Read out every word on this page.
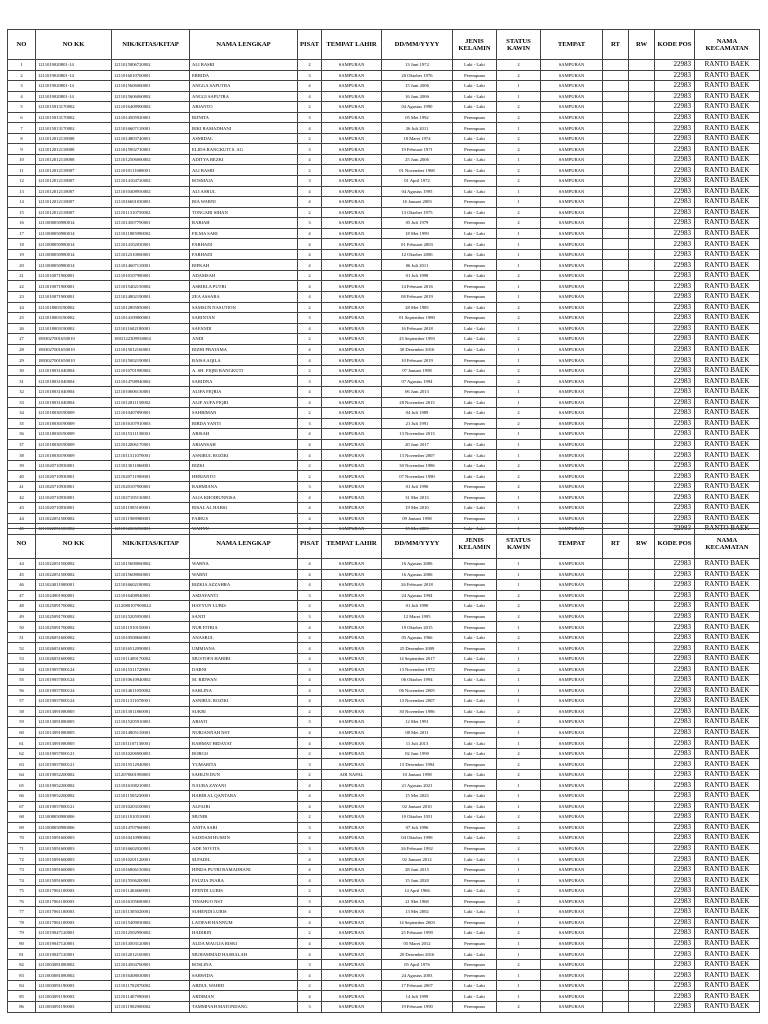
NO	NO KK	NIK/KITAS/KITAP	NAMA LENGKAP	PISAT	TEMPAT LAHIR	DD/MM/YYYY	JENIS KELAMIN	STATUS KAWIN	TEMPAT	RT	RW	KODE POS	NAMA KECAMATAN
1	1211019020801‑14	1211015806720002	ALI BASRI	2	SAMPURAN	13 Juni 1972	Laki - Laki	2	SAMPURAN			22983	RANTO BAEK
2	1211019020801‑14	1211016010760001	ERRIDA	3	SAMPURAN	20 Oktober 1976	Perempuan	2	SAMPURAN			22983	RANTO BAEK
3	1211019020801‑14	1211015606060001	ANGGA SAPUTRA	4	SAMPURAN	15 Juni 2006	Laki - Laki	1	SAMPURAN			22983	RANTO BAEK
4	1211019020801‑14	1211015606060002	ANGGI SAPUTRA	4	SAMPURAN	16 Juni 2006	Laki - Laki	1	SAMPURAN			22983	RANTO BAEK
5	1211015013170002	1211016408900002	ARIANTO	2	SAMPURAN	04 Agustus 1990	Laki - Laki	2	SAMPURAN			22983	RANTO BAEK
6	1211015013170002	1211014505920001	RIJNITA	3	SAMPURAN	05 Mei 1992	Perempuan	2	SAMPURAN			22983	RANTO BAEK
7	1211015013170002	1211016607110001	RIKI RAMADHANI	4	SAMPURAN	26 Juli 2011	Perempuan	1	SAMPURAN			22983	RANTO BAEK
8	1211012012118008	1211014803740001	ASMIDAL	2	SAMPURAN	18 Maret 1974	Laki - Laki	2	SAMPURAN			22983	RANTO BAEK
9	1211012012118008	1211015902710001	ELIDA RANGKUTI S. AG	3	SAMPURAN	19 Februari 1971	Perempuan	2	SAMPURAN			22983	RANTO BAEK
10	1211012012118008	1211012506060002	ADITYA REZKI	4	SAMPURAN	25 Juni 2006	Laki - Laki	1	SAMPURAN			22983	RANTO BAEK
11	1211012012118007	1211010111680001	ALI BASRI	2	SAMPURAN	01 November 1968	Laki - Laki	2	SAMPURAN			22983	RANTO BAEK
12	1211012012118007	1211014104720002	ROSMAIA	3	SAMPURAN	01 April 1972	Perempuan	2	SAMPURAN			22983	RANTO BAEK
13	1211012012118007	1211010408950002	ALI ASRUL	4	SAMPURAN	04 Agustus 1995	Laki - Laki	1	SAMPURAN			22983	RANTO BAEK
14	1211012012118007	1211016601030001	RIA WARNI	4	SAMPURAN	16 Januari 2003	Perempuan	1	SAMPURAN			22983	RANTO BAEK
15	1211012012118007	1211011310750002	TONGARI SIHAN	2	SAMPURAN	13 Oktober 1975	Laki - Laki	2	SAMPURAN			22983	RANTO BAEK
16	1211008050980014	1211014507790001	RABIAH	3	SAMPURAN	05 Juli 1979	Perempuan	2	SAMPURAN			22983	RANTO BAEK
17	1211008050980014	1211011805990002	FILMA SARI	4	SAMPURAN	18 Mei 1999	Laki - Laki	1	SAMPURAN			22983	RANTO BAEK
18	1211008050980014	1211014102030001	FARHADI	4	SAMPURAN	01 Februari 2003	Laki - Laki	1	SAMPURAN			22983	RANTO BAEK
19	1211008050980014	1211012310060001	FARHADI	4	SAMPURAN	12 Oktober 2006	Laki - Laki	1	SAMPURAN			22983	RANTO BAEK
20	1211008050980014	1211014607110001	RIFKAH	4	SAMPURAN	06 Juli 2011	Perempuan	1	SAMPURAN			22983	RANTO BAEK
21	1211010071900001	1211010107980001	ADAMSAH	2	SAMPURAN	01 Juli 1998	Laki - Laki	2	SAMPURAN			22983	RANTO BAEK
22	1211010071900001	1211015402150002	ASRIKLA PUTRI	4	SAMPURAN	14 Februari 2016	Perempuan	1	SAMPURAN			22983	RANTO BAEK
23	1211010071900001	1211014802190001	ZEA ASSARA	4	SAMPURAN	08 Februari 2019	Perempuan	1	SAMPURAN			22983	RANTO BAEK
24	1211018003190002	1211012805850001	SAMSUN NASUTION	2	SAMPURAN	28 Mei 1985	Laki - Laki	2	SAMPURAN			22983	RANTO BAEK
25	1211018003190002	1211014109800001	SARINTAN	3	SAMPURAN	01 September 1980	Perempuan	2	SAMPURAN			22983	RANTO BAEK
26	1211018003190002	1211011602180001	SAFANDI	4	SAMPURAN	16 Februari 2018	Laki - Laki	1	SAMPURAN			22983	RANTO BAEK
27	1803027001650010	1803122309930004	ANDI	2	SAMPURAN	23 September 1993	Laki - Laki	2	SAMPURAN			22983	RANTO BAEK
28	1803027001650010	1211015012160001	RIZHI PRATAMA	4	SAMPURAN	30 Desember 2016	Laki - Laki	1	SAMPURAN			22983	RANTO BAEK
29	1803027001650010	1211015002190001	RAISA AQILA	4	SAMPURAN	10 Februari 2019	Perempuan	1	SAMPURAN			22983	RANTO BAEK
30	1211018031040004	1211010701980002	A. SH. FIQRI RANGKUTI	2	SAMPURAN	07 Januari 1998	Laki - Laki	2	SAMPURAN			22983	RANTO BAEK
31	1211018031040004	1211014708940002	SARIDNA	3	SAMPURAN	07 Agustus 1994	Perempuan	2	SAMPURAN			22983	RANTO BAEK
32	1211018031040004	1211010606130001	ALIFA FIQRIA	4	SAMPURAN	06 Juni 2013	Perempuan	1	SAMPURAN			22983	RANTO BAEK
33	1211018031040004	1211012811150002	ALIF AUFA FIQRI	4	SAMPURAN	28 November 2015	Laki - Laki	1	SAMPURAN			22983	RANTO BAEK
34	1211018030190009	1211010407890001	SAHRIMAN	2	SAMPURAN	04 Juli 1989	Laki - Laki	2	SAMPURAN			22983	RANTO BAEK
35	1211018030190009	1211016107910003	RIRDA YANTI	3	SAMPURAN	21 Juli 1991	Perempuan	2	SAMPURAN			22983	RANTO BAEK
36	1211018030190009	1211015311130001	ARISAH	4	SAMPURAN	13 November 2013	Perempuan	1	SAMPURAN			22983	RANTO BAEK
37	1211018030190009	1211012006170001	ARIANSAH	4	SAMPURAN	20 Juni 2017	Laki - Laki	1	SAMPURAN			22983	RANTO BAEK
38	1211018030190009	1211011311070001	ASNIRUL ROZIKI	4	SAMPURAN	13 November 2007	Laki - Laki	1	SAMPURAN			22983	RANTO BAEK
39	1211020710930001	1211013011860001	RIZKI	2	SAMPURAN	30 November 1986	Laki - Laki	2	SAMPURAN			22983	RANTO BAEK
40	1211020710930001	1211020711900001	HERIANTO	2	SAMPURAN	07 November 1990	Laki - Laki	2	SAMPURAN			22983	RANTO BAEK
41	1211020710930001	1211020107900001	RAHMIANA	3	SAMPURAN	01 Juli 1990	Perempuan	2	SAMPURAN			22983	RANTO BAEK
42	1211020710930001	1211027105130001	ALIA KHOIRUNNISA	4	SAMPURAN	31 Mei 2013	Perempuan	1	SAMPURAN			22983	RANTO BAEK
43	1211020710930001	1211011905100001	RISAL AL HABSI	4	SAMPURAN	19 Mei 2010	Laki - Laki	1	SAMPURAN			22983	RANTO BAEK
44	1211022051500002	1211011908980001	FAIRUS	4	SAMPURAN	09 Januari 1998	Perempuan	1	SAMPURAN			22983	RANTO BAEK
45	1211022051500002	1211012606030001	WAHYU	4	SAMPURAN	15 Mei 2003	Laki - Laki	1	SAMPURAN			22983	RANTO BAEK
NO	NO KK	NIK/KITAS/KITAP	NAMA LENGKAP	PISAT	TEMPAT LAHIR	DD/MM/YYYY	JENIS KELAMIN	STATUS KAWIN	TEMPAT	RT	RW	KODE POS	NAMA KECAMATAN
44	1211022051500002	1211015608060002	WARNA	4	SAMPURAN	16 Agustus 2006	Perempuan	1	SAMPURAN			22983	RANTO BAEK
45	1211022051500002	1211015608060001	WARNI	4	SAMPURAN	16 Agustus 2006	Perempuan	1	SAMPURAN			22983	RANTO BAEK
46	1211024011900001	1211016602180002	RIZKIA AZZAHRA	4	SAMPURAN	26 Februari 2018	Perempuan	1	SAMPURAN			22983	RANTO BAEK
47	1211024901900001	1211016408940001	ASDAYANTI	3	SAMPURAN	24 Agustus 1994	Perempuan	2	SAMPURAN			22983	RANTO BAEK
48	1211025091700002	1212080107900024	HAYYUN LUBIS	2	SAMPURAN	01 Juli 1990	Laki - Laki	2	SAMPURAN			22983	RANTO BAEK
49	1211025091700002	1211015205950001	SANTI	3	SAMPURAN	12 Maret 1995	Perempuan	2	SAMPURAN			22983	RANTO BAEK
50	1211025091700002	1211011910150001	NUR FITRIA	4	SAMPURAN	19 Oktober 2015	Perempuan	1	SAMPURAN			22983	RANTO BAEK
51	1211026051600002	1211010508660001	ANASRUL	2	SAMPURAN	05 Agustus 1966	Laki - Laki	2	SAMPURAN			22983	RANTO BAEK
52	1211026051600002	1211016512090001	UMMIANA	4	SAMPURAN	25 Desember 2009	Perempuan	1	SAMPURAN			22983	RANTO BAEK
53	1211026051600002	1211011409170002	MUSTOFA HABIBI	4	SAMPURAN	14 September 2017	Laki - Laki	1	SAMPURAN			22983	RANTO BAEK
54	1211019057000124	1211015311720001	DARNI	3	SAMPURAN	13 November 1972	Perempuan	2	SAMPURAN			22983	RANTO BAEK
55	1211019057000124	1211010610940002	M. RIDWAN	4	SAMPURAN	06 Oktober 1994	Laki - Laki	1	SAMPURAN			22983	RANTO BAEK
56	1211019057000124	1211014611050002	SARLINA	4	SAMPURAN	06 November 2005	Perempuan	1	SAMPURAN			22983	RANTO BAEK
57	1211019057000124	1211011311070001	ASNIRUL ROZIKI	4	SAMPURAN	13 November 2007	Laki - Laki	1	SAMPURAN			22983	RANTO BAEK
58	1211013091080005	1211013011860001	SUKRI	2	SAMPURAN	30 November 1986	Laki - Laki	2	SAMPURAN			22983	RANTO BAEK
59	1211013091080005	1211015205910001	ARIATI	3	SAMPURAN	12 Mei 1991	Perempuan	2	SAMPURAN			22983	RANTO BAEK
60	1211013091080005	1211014805110001	NURJANNAH NST	4	SAMPURAN	08 Mei 2011	Perempuan	1	SAMPURAN			22983	RANTO BAEK
61	1211013091080005	1211011107130001	RAHMAT HIDAYAT	4	SAMPURAN	11 Juli 2013	Laki - Laki	1	SAMPURAN			22983	RANTO BAEK
62	1211019057000121	1211010206900001	BORGO	2	SAMPURAN	02 Juni 1990	Laki - Laki	2	SAMPURAN			22983	RANTO BAEK
63	1211019057000121	1211015512940001	YUMARITA	3	SAMPURAN	15 Desember 1994	Perempuan	2	SAMPURAN			22983	RANTO BAEK
64	1211019052200002	1212070601980001	SAHLIN DUN	2	AIR NAPAL	10 Januari 1998	Laki - Laki	2	SAMPURAN			22983	RANTO BAEK
65	1211019052200002	1211016108210001	NAURA ZAYANI	4	SAMPURAN	21 Agustus 2021	Perempuan	1	SAMPURAN			22983	RANTO BAEK
66	1211019052200002	1211011505230001	HABIB AL QANTARA	4	SAMPURAN	15 Mei 2023	Laki - Laki	1	SAMPURAN			22983	RANTO BAEK
67	1211019057000121	1211010203100001	ALFAJRI	4	SAMPURAN	02 Januari 2010	Laki - Laki	1	SAMPURAN			22983	RANTO BAEK
68	1211008050980006	1211011010510001	MUNIR	2	SAMPURAN	10 Oktober 1951	Laki - Laki	2	SAMPURAN			22983	RANTO BAEK
69	1211008050980006	1211014707960001	ANITA SARI	3	SAMPURAN	07 Juli 1996	Perempuan	2	SAMPURAN			22983	RANTO BAEK
70	1211015091600003	1211010410980002	SADDAM HUSEIN	2	SAMPURAN	04 Oktober 1998	Laki - Laki	2	SAMPURAN			22983	RANTO BAEK
71	1211015091600003	1211016602920001	ADE NOVITA	3	SAMPURAN	26 Februari 1992	Perempuan	2	SAMPURAN			22983	RANTO BAEK
72	1211015091600003	1211010201120001	M.FADIL	4	SAMPURAN	02 Januari 2012	Laki - Laki	1	SAMPURAN			22983	RANTO BAEK
73	1211015091600003	1211016806150002	HINDA PUTRI RAMADHANI	4	SAMPURAN	28 Juni 2015	Perempuan	1	SAMPURAN			22983	RANTO BAEK
74	1211015091600003	1211015506200001	FAUZIA INARA	4	SAMPURAN	15 Juni 2020	Perempuan	1	SAMPURAN			22983	RANTO BAEK
75	1211017061100003	1211011404660001	EFENDI LUBIS	2	SAMPURAN	14 April 1966	Laki - Laki	2	SAMPURAN			22983	RANTO BAEK
76	1211017061100003	1211016105680001	TINAHUO NST	3	SAMPURAN	21 Mei 1968	Perempuan	2	SAMPURAN			22983	RANTO BAEK
77	1211017061100003	1211011305020001	SUHENDI LUBIS	4	SAMPURAN	13 Mei 2002	Laki - Laki	1	SAMPURAN			22983	RANTO BAEK
78	1211017061100003	1211015409030002	LATIFAH HANNUM	4	SAMPURAN	14 September 2003	Perempuan	1	SAMPURAN			22983	RANTO BAEK
79	1211019047120001	1211012502990002	HADIRIN	2	SAMPURAN	25 Februari 1999	Laki - Laki	2	SAMPURAN			22983	RANTO BAEK
80	1211019047120001	1211014503120001	ALDA MAULIA RISKI	4	SAMPURAN	05 Maret 2012	Perempuan	1	SAMPURAN			22983	RANTO BAEK
81	1211019047120001	1211012012160001	MUHAMMAD HASBALAH	4	SAMPURAN	20 Desember 2016	Laki - Laki	1	SAMPURAN			22983	RANTO BAEK
82	1211003081080002	1211014504760001	ROSLINA	3	SAMPURAN	05 April 1976	Perempuan	2	SAMPURAN			22983	RANTO BAEK
83	1211003081080002	1211016408030001	SARWIDA	4	SAMPURAN	24 Agustus 2003	Perempuan	1	SAMPURAN			22983	RANTO BAEK
84	1211003091190003	1211011702870002	ABDUL WAHID	2	SAMPURAN	17 Februari 2007	Laki - Laki	1	SAMPURAN			22983	RANTO BAEK
85	1211003091190003	1211011407990001	ARDIMAN	4	SAMPURAN	14 Juli 1999	Laki - Laki	1	SAMPURAN			22983	RANTO BAEK
86	1211003091190003	1211011902900002	TAMMIYAH MATONDANG	3	SAMPURAN	19 Februari 1990	Perempuan	2	SAMPURAN			22983	RANTO BAEK
